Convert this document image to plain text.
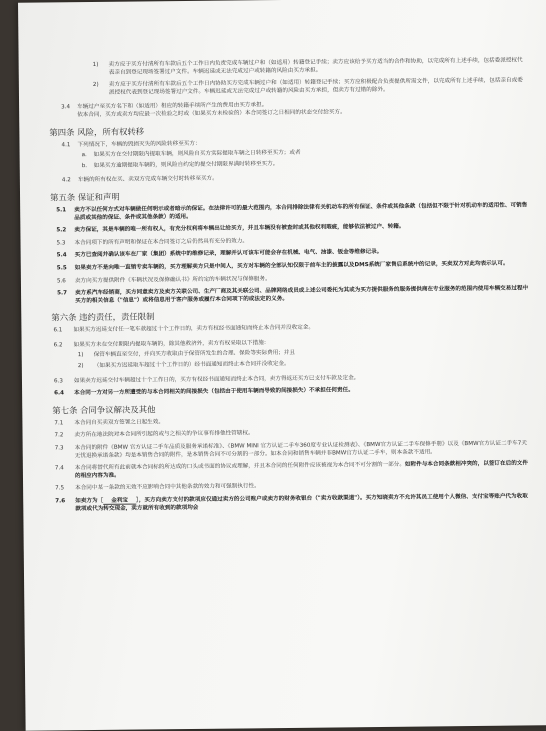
1) 卖方应于买方付清所有车款后五个工作日内负责完成车辆过户和（如适用）转籍登记手续；卖方应该给予买方适当的合作和协助，以完成所有上述手续，包括委派授权代表亲自到登记现场签署过户文件。车辆迟延或无法完成过户或转籍的风险由买方承担。
2) 卖方应于买方付清所有车款后五个工作日内协助买方完成车辆过户和（如适用）转籍登记手续；买方应积极配合负责提供所需文件，以完成所有上述手续，包括亲自或委派授权代表到登记现场签署过户文件。车辆迟延或无法完成过户或转籍的风险由买方承担，但卖方有过错的除外。
3.4 车辆过户至买方名下和（如适用）相应的转籍手续所产生的费用由买方承担。
依本合同，买方或卖方均应最一次检验之时或（如果买方未检验的）本合同签订之日相同的状态交付给买方。
第四条 风险，所有权转移
4.1 下列情况下，车辆的毁损灭失的风险转移至买方：
a. 如果买方在交付期限内提取车辆，则风险自买方实际提取车辆之日转移至买方；或者
b. 如果买方逾期提取车辆的，则风险自约定的提交付期限界满时转移至买方。
4.2 车辆的所有权在买、卖双方完成车辆交付时转移至买方。
第五条 保证和声明
5.1 卖方不以任何方式对车辆做任何明示或者暗示的保证。在法律许可的最大范围内，本合同排除法律有关机动车的所有保证、条件或其他条款（包括但不限于针对机动车的适用性、可销售品质或其他的保证、条件或其他条款）的适用。
5.2 卖方保证，其是车辆的唯一所有权人，有充分权利将车辆出让给买方，并且车辆没有被查封或其他权利瑕疵，能够依法被过户、转籍。
5.3 本合同项下的所有声明和保证在本合同签订之后仍然具有充分的效力。
5.4 买方已查阅并确认该车在厂家（集团）系统中的维修记录，理解并认可该车可能会存在机械、电气、油漆、钣金等维修记录。
5.5 如果卖方不是向唯一直销专卖车辆的，买方理解卖方只是中间人，买方对车辆的全部认知仅限于前车主的披露以及DMS系统厂家售后系统中的记录，买卖双方对此均表示认可。
5.6 卖方向买方提供附件《车辆状况及保修确认书》所约定的车辆状况与保修服务。
5.7 卖方系汽车经销商，买方同意卖方及卖方关联公司、生产厂商及其关联公司、品牌网络成员或上述公司委托为其或为买方提供服务的服务提供商在专业服务的范围内使用车辆交易过程中买方的相关信息（"信息"）或将信息用于客户服务或履行本合同项下的或法定的义务。
第六条 违约责任，责任限制
6.1 如果买方迟延支付任一笔车款超过十个工作日的，卖方有权经书面通知而终止本合同并没收定金。
6.2 如果买方未在交付期限内提取车辆的，除其他救济外，卖方有权采取以下措施：
1) 保管车辆直至交付，并向买方收取由于保管所发生的合理、保险等实际费用；并且
2) （如果买方迟延取车超过十个工作日的）经书面通知而终止本合同并没收定金。
6.3 如果卖方迟延交付车辆超过十个工作日的，买方有权经书面通知而终止本合同，卖方得返还买方已支付车款及定金。
6.4 本合同一方对另一方所遭受的与本合同相关的间接损失（包括由于使用车辆而导致的间接损失）不承担任何责任。
第七条 合同争议解决及其他
7.1 本合同自买卖双方签署之日起生效。
7.2 卖方所在地法院对本合同所引起的或与之相关的争议事有排他性管辖权。
7.3 本合同的附件《BMW 官方认证二手车品质及服务承诺标准》、《BMW MINI 官方认证二手车360度专业认证检测表》、《BMW官方认证二手车保修手册》以及《BMW官方认证二手车7天无忧退换承诺条款》均是本销售合同的附件，是本销售合同不可分割的一部分。如本合同和销售车辆并非BMW官方认证二手车，则本条款不适用。
7.4 本合同将替代所有此前就本合同标的所达成的口头或书面的协议或理解，并且本合同的任何附件应该被视为本合同不可分割的一部分。如附件与本合同条款相冲突的，以签订在后的文件的相应内容为准。
7.5 本合同中某一条款的无效不应影响合同中其他条款的效力和可强制执行性。
7.6 如卖方为［ 金利宝 ］，买方向卖方支付的款项应仅通过卖方的公司账户或卖方的财务收银台（"卖方收款渠道"）。买方知晓卖方不允许其员工使用个人微信、支付宝等账户代为收取款项或代为转交现金，卖方就所有收到的款项均会
